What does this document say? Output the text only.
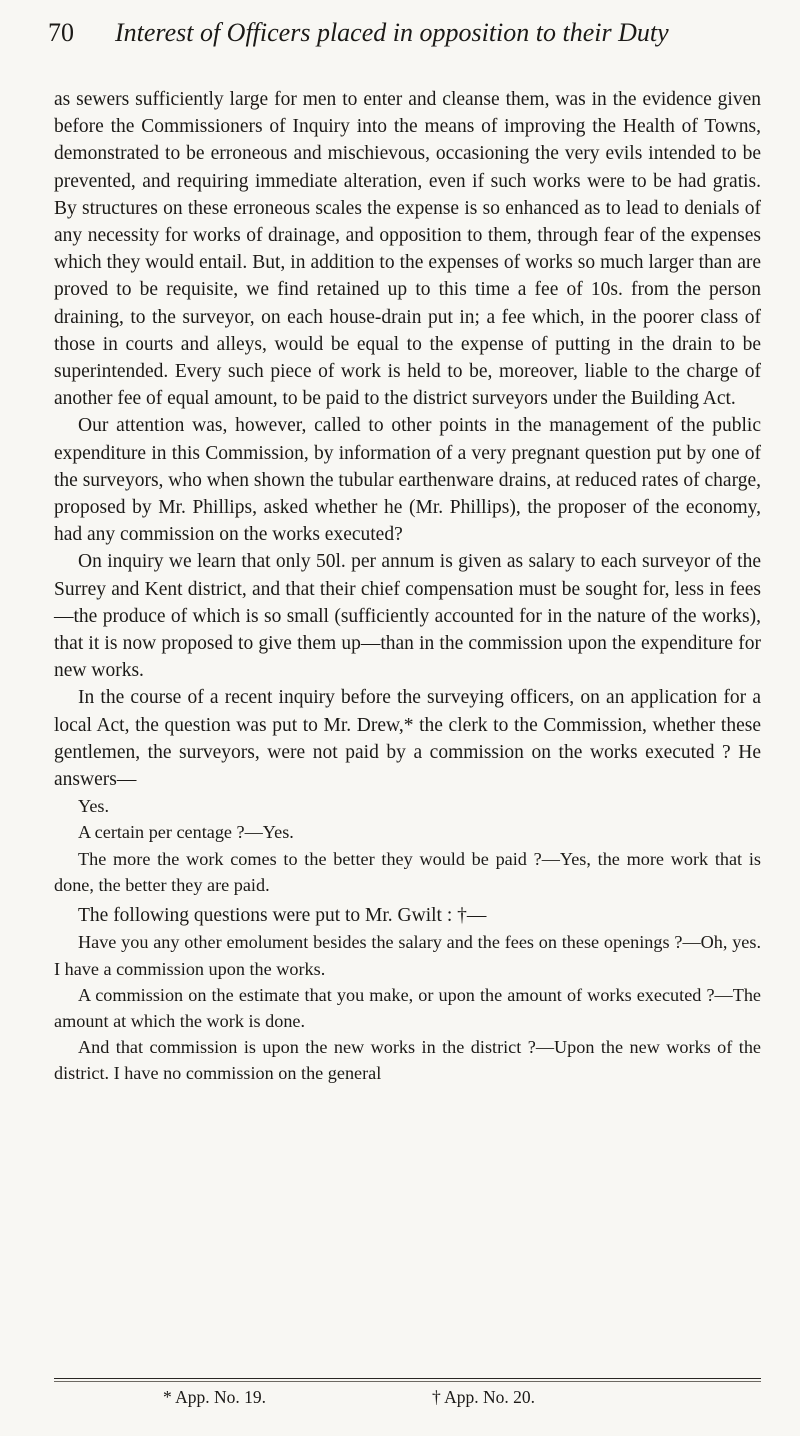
70 Interest of Officers placed in opposition to their Duty

as sewers sufficiently large for men to enter and cleanse them, was in the evidence given before the Commissioners of Inquiry into the means of improving the Health of Towns, demonstrated to be erroneous and mischievous, occasioning the very evils intended to be prevented, and requiring immediate alteration, even if such works were to be had gratis. By structures on these erroneous scales the expense is so enhanced as to lead to denials of any necessity for works of drainage, and opposition to them, through fear of the expenses which they would entail. But, in addition to the expenses of works so much larger than are proved to be requisite, we find retained up to this time a fee of 10s. from the person draining, to the surveyor, on each house-drain put in; a fee which, in the poorer class of those in courts and alleys, would be equal to the expense of putting in the drain to be superintended. Every such piece of work is held to be, moreover, liable to the charge of another fee of equal amount, to be paid to the district surveyors under the Building Act.

Our attention was, however, called to other points in the management of the public expenditure in this Commission, by information of a very pregnant question put by one of the surveyors, who when shown the tubular earthenware drains, at reduced rates of charge, proposed by Mr. Phillips, asked whether he (Mr. Phillips), the proposer of the economy, had any commission on the works executed?

On inquiry we learn that only 50l. per annum is given as salary to each surveyor of the Surrey and Kent district, and that their chief compensation must be sought for, less in fees—the produce of which is so small (sufficiently accounted for in the nature of the works), that it is now proposed to give them up—than in the commission upon the expenditure for new works.

In the course of a recent inquiry before the surveying officers, on an application for a local Act, the question was put to Mr. Drew,* the clerk to the Commission, whether these gentlemen, the surveyors, were not paid by a commission on the works executed ? He answers—

Yes.

A certain per centage ?—Yes.

The more the work comes to the better they would be paid ?—Yes, the more work that is done, the better they are paid.

The following questions were put to Mr. Gwilt : †—

Have you any other emolument besides the salary and the fees on these openings ?—Oh, yes. I have a commission upon the works.

A commission on the estimate that you make, or upon the amount of works executed ?—The amount at which the work is done.

And that commission is upon the new works in the district ?—Upon the new works of the district. I have no commission on the general

* App. No. 19.	† App. No. 20.
